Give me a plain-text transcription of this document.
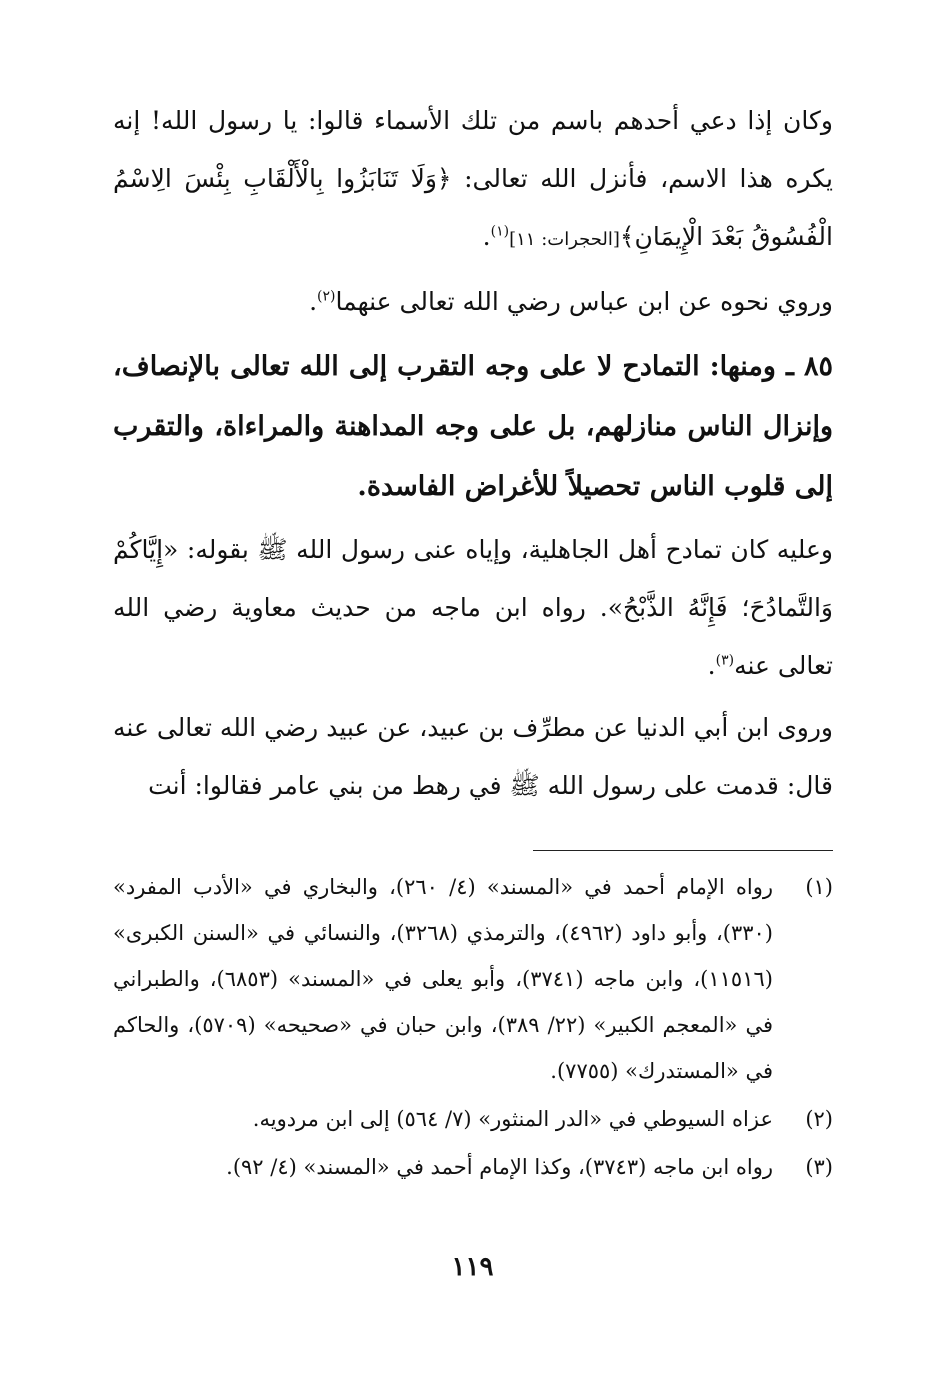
وكان إذا دعي أحدهم باسم من تلك الأسماء قالوا: يا رسول الله! إنه يكره هذا الاسم، فأنزل الله تعالى: ﴿وَلَا تَنَابَزُوا بِالْأَلْقَابِ بِئْسَ الِاسْمُ الْفُسُوقُ بَعْدَ الْإِيمَانِ﴾[الحجرات: ١١]$^{(١)}$.

وروي نحوه عن ابن عباس رضي الله تعالى عنهما$^{(٢)}$.

٨٥ ـ ومنها: التمادح لا على وجه التقرب إلى الله تعالى بالإنصاف، وإنزال الناس منازلهم، بل على وجه المداهنة والمراءاة، والتقرب إلى قلوب الناس تحصيلاً للأغراض الفاسدة.

وعليه كان تمادح أهل الجاهلية، وإياه عنى رسول الله ﷺ بقوله: «إِيَّاكُمْ وَالتَّمادُحَ؛ فَإِنَّهُ الذَّبْحُ». رواه ابن ماجه من حديث معاوية رضي الله تعالى عنه$^{(٣)}$.

وروى ابن أبي الدنيا عن مطرِّف بن عبيد، عن عبيد رضي الله تعالى عنه قال: قدمت على رسول الله ﷺ في رهط من بني عامر فقالوا: أنت

(١)
رواه الإمام أحمد في «المسند» (٤/ ٢٦٠)، والبخاري في «الأدب المفرد» (٣٣٠)، وأبو داود (٤٩٦٢)، والترمذي (٣٢٦٨)، والنسائي في «السنن الكبرى» (١١٥١٦)، وابن ماجه (٣٧٤١)، وأبو يعلى في «المسند» (٦٨٥٣)، والطبراني في «المعجم الكبير» (٢٢/ ٣٨٩)، وابن حبان في «صحيحه» (٥٧٠٩)، والحاكم في «المستدرك» (٧٧٥٥).

(٢)
عزاه السيوطي في «الدر المنثور» (٧/ ٥٦٤) إلى ابن مردويه.

(٣)
رواه ابن ماجه (٣٧٤٣)، وكذا الإمام أحمد في «المسند» (٤/ ٩٢).

١١٩
